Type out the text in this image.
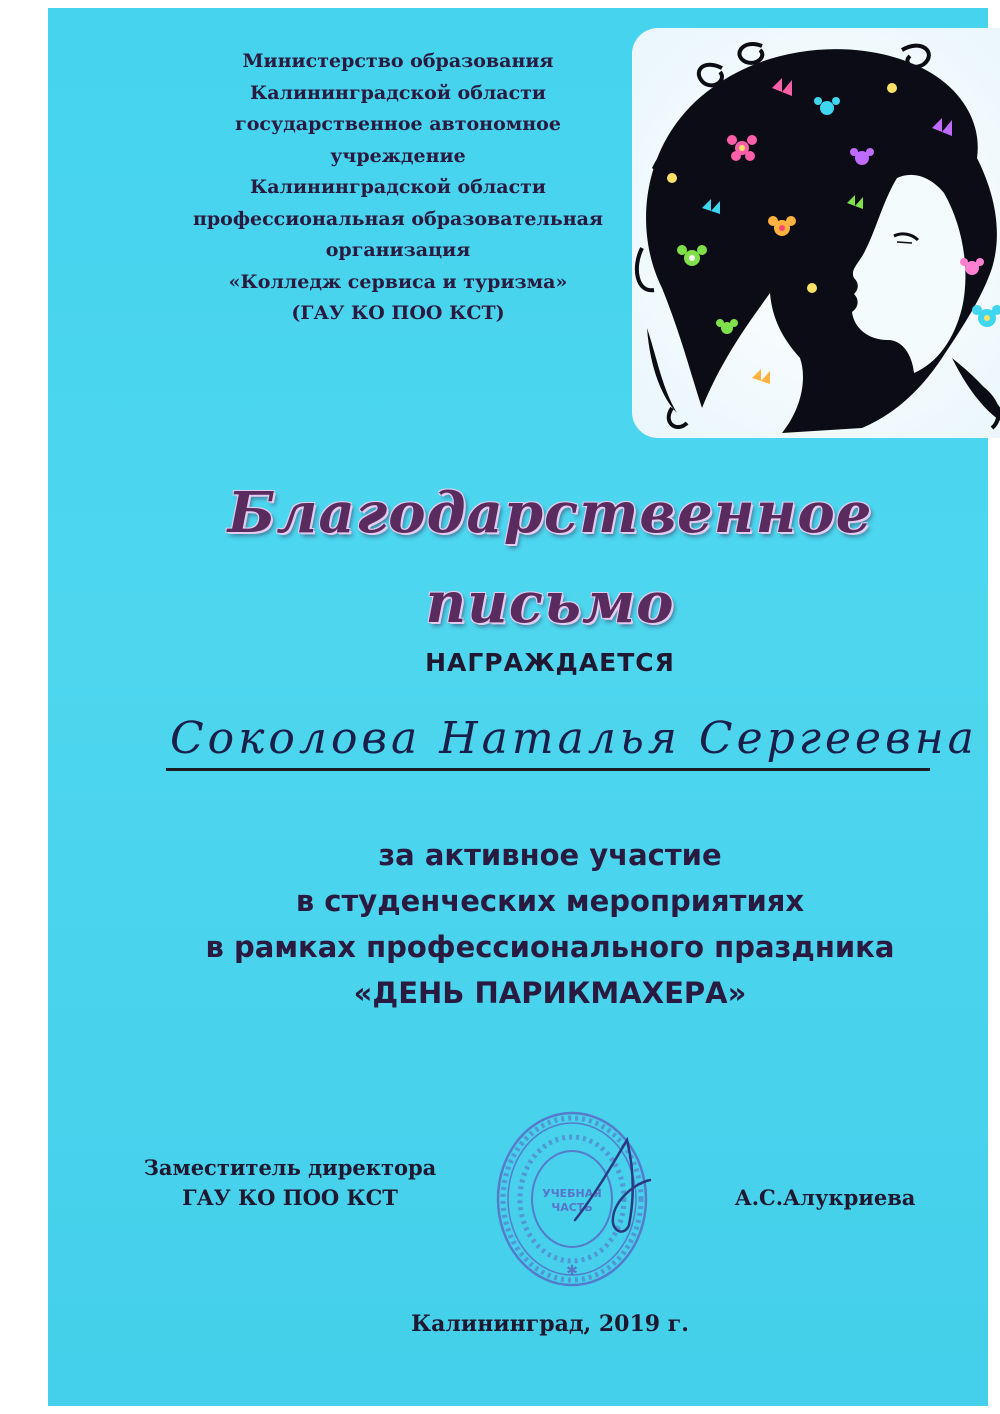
Министерство образования
Калининградской области
государственное автономное
учреждение
Калининградской области
профессиональная образовательная
организация
«Колледж сервиса и туризма»
(ГАУ КО ПОО КСТ)
Благодарственное
письмо
НАГРАЖДАЕТСЯ
Соколова Наталья Сергеевна
за активное участие
в студенческих мероприятиях
в рамках профессионального праздника
«ДЕНЬ ПАРИКМАХЕРА»
Заместитель директора
ГАУ КО ПОО КСТ	УЧЕБНАЯ
ЧАСТЬ
✱
А.С.Алукриева
Калининград, 2019 г.
